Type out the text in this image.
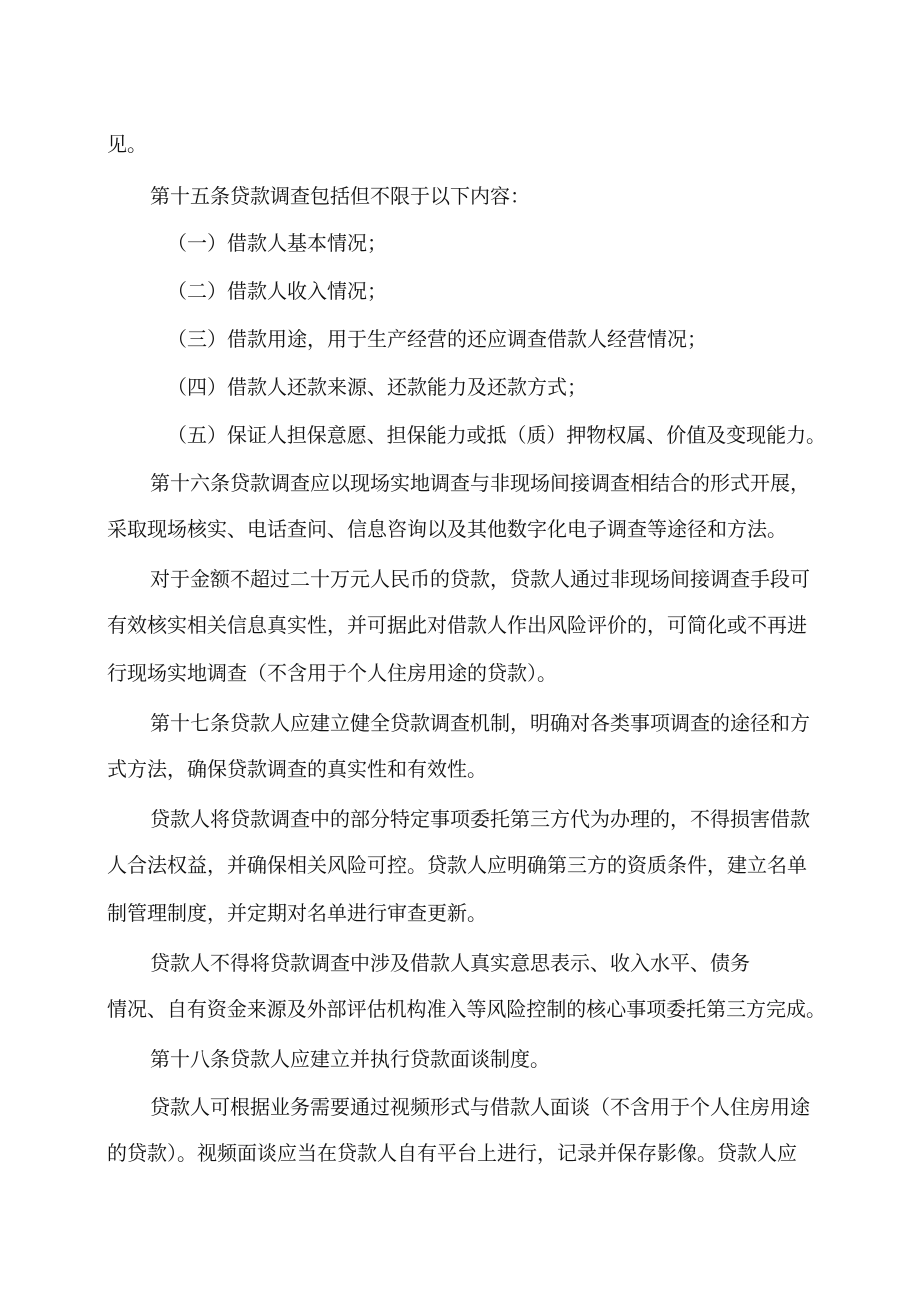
见。

第十五条贷款调查包括但不限于以下内容：

（一）借款人基本情况；

（二）借款人收入情况；

（三）借款用途，用于生产经营的还应调查借款人经营情况；

（四）借款人还款来源、还款能力及还款方式；

（五）保证人担保意愿、担保能力或抵（质）押物权属、价值及变现能力。

第十六条贷款调查应以现场实地调查与非现场间接调查相结合的形式开展，

采取现场核实、电话查问、信息咨询以及其他数字化电子调查等途径和方法。

对于金额不超过二十万元人民币的贷款，贷款人通过非现场间接调查手段可

有效核实相关信息真实性，并可据此对借款人作出风险评价的，可简化或不再进

行现场实地调查（不含用于个人住房用途的贷款）。

第十七条贷款人应建立健全贷款调查机制，明确对各类事项调查的途径和方

式方法，确保贷款调查的真实性和有效性。

贷款人将贷款调查中的部分特定事项委托第三方代为办理的，不得损害借款

人合法权益，并确保相关风险可控。贷款人应明确第三方的资质条件，建立名单

制管理制度，并定期对名单进行审查更新。

贷款人不得将贷款调查中涉及借款人真实意思表示、收入水平、债务

情况、自有资金来源及外部评估机构准入等风险控制的核心事项委托第三方完成。

第十八条贷款人应建立并执行贷款面谈制度。

贷款人可根据业务需要通过视频形式与借款人面谈（不含用于个人住房用途

的贷款）。视频面谈应当在贷款人自有平台上进行，记录并保存影像。贷款人应
